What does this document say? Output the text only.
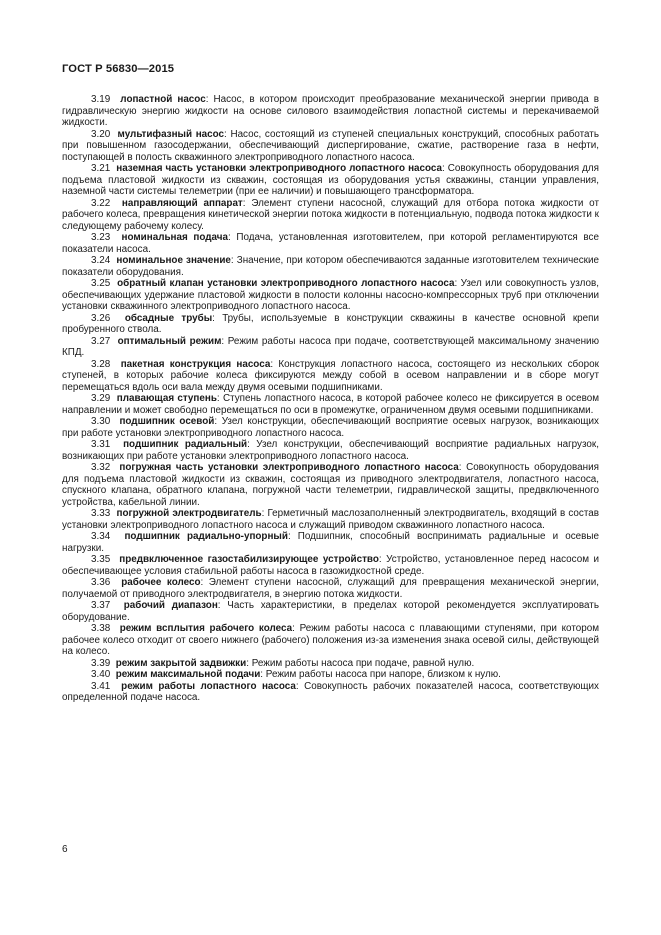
ГОСТ Р 56830—2015

3.19 лопастной насос: Насос, в котором происходит преобразование механической энергии привода в гидравлическую энергию жидкости на основе силового взаимодействия лопастной системы и перекачиваемой жидкости.

3.20 мультифазный насос: Насос, состоящий из ступеней специальных конструкций, способных работать при повышенном газосодержании, обеспечивающий диспергирование, сжатие, растворение газа в нефти, поступающей в полость скважинного электроприводного лопастного насоса.

3.21 наземная часть установки электроприводного лопастного насоса: Совокупность оборудования для подъема пластовой жидкости из скважин, состоящая из оборудования устья скважины, станции управления, наземной части системы телеметрии (при ее наличии) и повышающего трансформатора.

3.22 направляющий аппарат: Элемент ступени насосной, служащий для отбора потока жидкости от рабочего колеса, превращения кинетической энергии потока жидкости в потенциальную, подвода потока жидкости к следующему рабочему колесу.

3.23 номинальная подача: Подача, установленная изготовителем, при которой регламентируются все показатели насоса.

3.24 номинальное значение: Значение, при котором обеспечиваются заданные изготовителем технические показатели оборудования.

3.25 обратный клапан установки электроприводного лопастного насоса: Узел или совокупность узлов, обеспечивающих удержание пластовой жидкости в полости колонны насосно-компрессорных труб при отключении установки скважинного электроприводного лопастного насоса.

3.26 обсадные трубы: Трубы, используемые в конструкции скважины в качестве основной крепи пробуренного ствола.

3.27 оптимальный режим: Режим работы насоса при подаче, соответствующей максимальному значению КПД.

3.28 пакетная конструкция насоса: Конструкция лопастного насоса, состоящего из нескольких сборок ступеней, в которых рабочие колеса фиксируются между собой в осевом направлении и в сборе могут перемещаться вдоль оси вала между двумя осевыми подшипниками.

3.29 плавающая ступень: Ступень лопастного насоса, в которой рабочее колесо не фиксируется в осевом направлении и может свободно перемещаться по оси в промежутке, ограниченном двумя осевыми подшипниками.

3.30 подшипник осевой: Узел конструкции, обеспечивающий восприятие осевых нагрузок, возникающих при работе установки электроприводного лопастного насоса.

3.31 подшипник радиальный: Узел конструкции, обеспечивающий восприятие радиальных нагрузок, возникающих при работе установки электроприводного лопастного насоса.

3.32 погружная часть установки электроприводного лопастного насоса: Совокупность оборудования для подъема пластовой жидкости из скважин, состоящая из приводного электродвигателя, лопастного насоса, спускного клапана, обратного клапана, погружной части телеметрии, гидравлической защиты, предвключенного устройства, кабельной линии.

3.33 погружной электродвигатель: Герметичный маслозаполненный электродвигатель, входящий в состав установки электроприводного лопастного насоса и служащий приводом скважинного лопастного насоса.

3.34 подшипник радиально-упорный: Подшипник, способный воспринимать радиальные и осевые нагрузки.

3.35 предвключенное газостабилизирующее устройство: Устройство, установленное перед насосом и обеспечивающее условия стабильной работы насоса в газожидкостной среде.

3.36 рабочее колесо: Элемент ступени насосной, служащий для превращения механической энергии, получаемой от приводного электродвигателя, в энергию потока жидкости.

3.37 рабочий диапазон: Часть характеристики, в пределах которой рекомендуется эксплуатировать оборудование.

3.38 режим всплытия рабочего колеса: Режим работы насоса с плавающими ступенями, при котором рабочее колесо отходит от своего нижнего (рабочего) положения из-за изменения знака осевой силы, действующей на колесо.

3.39 режим закрытой задвижки: Режим работы насоса при подаче, равной нулю.

3.40 режим максимальной подачи: Режим работы насоса при напоре, близком к нулю.

3.41 режим работы лопастного насоса: Совокупность рабочих показателей насоса, соответствующих определенной подаче насоса.

6
